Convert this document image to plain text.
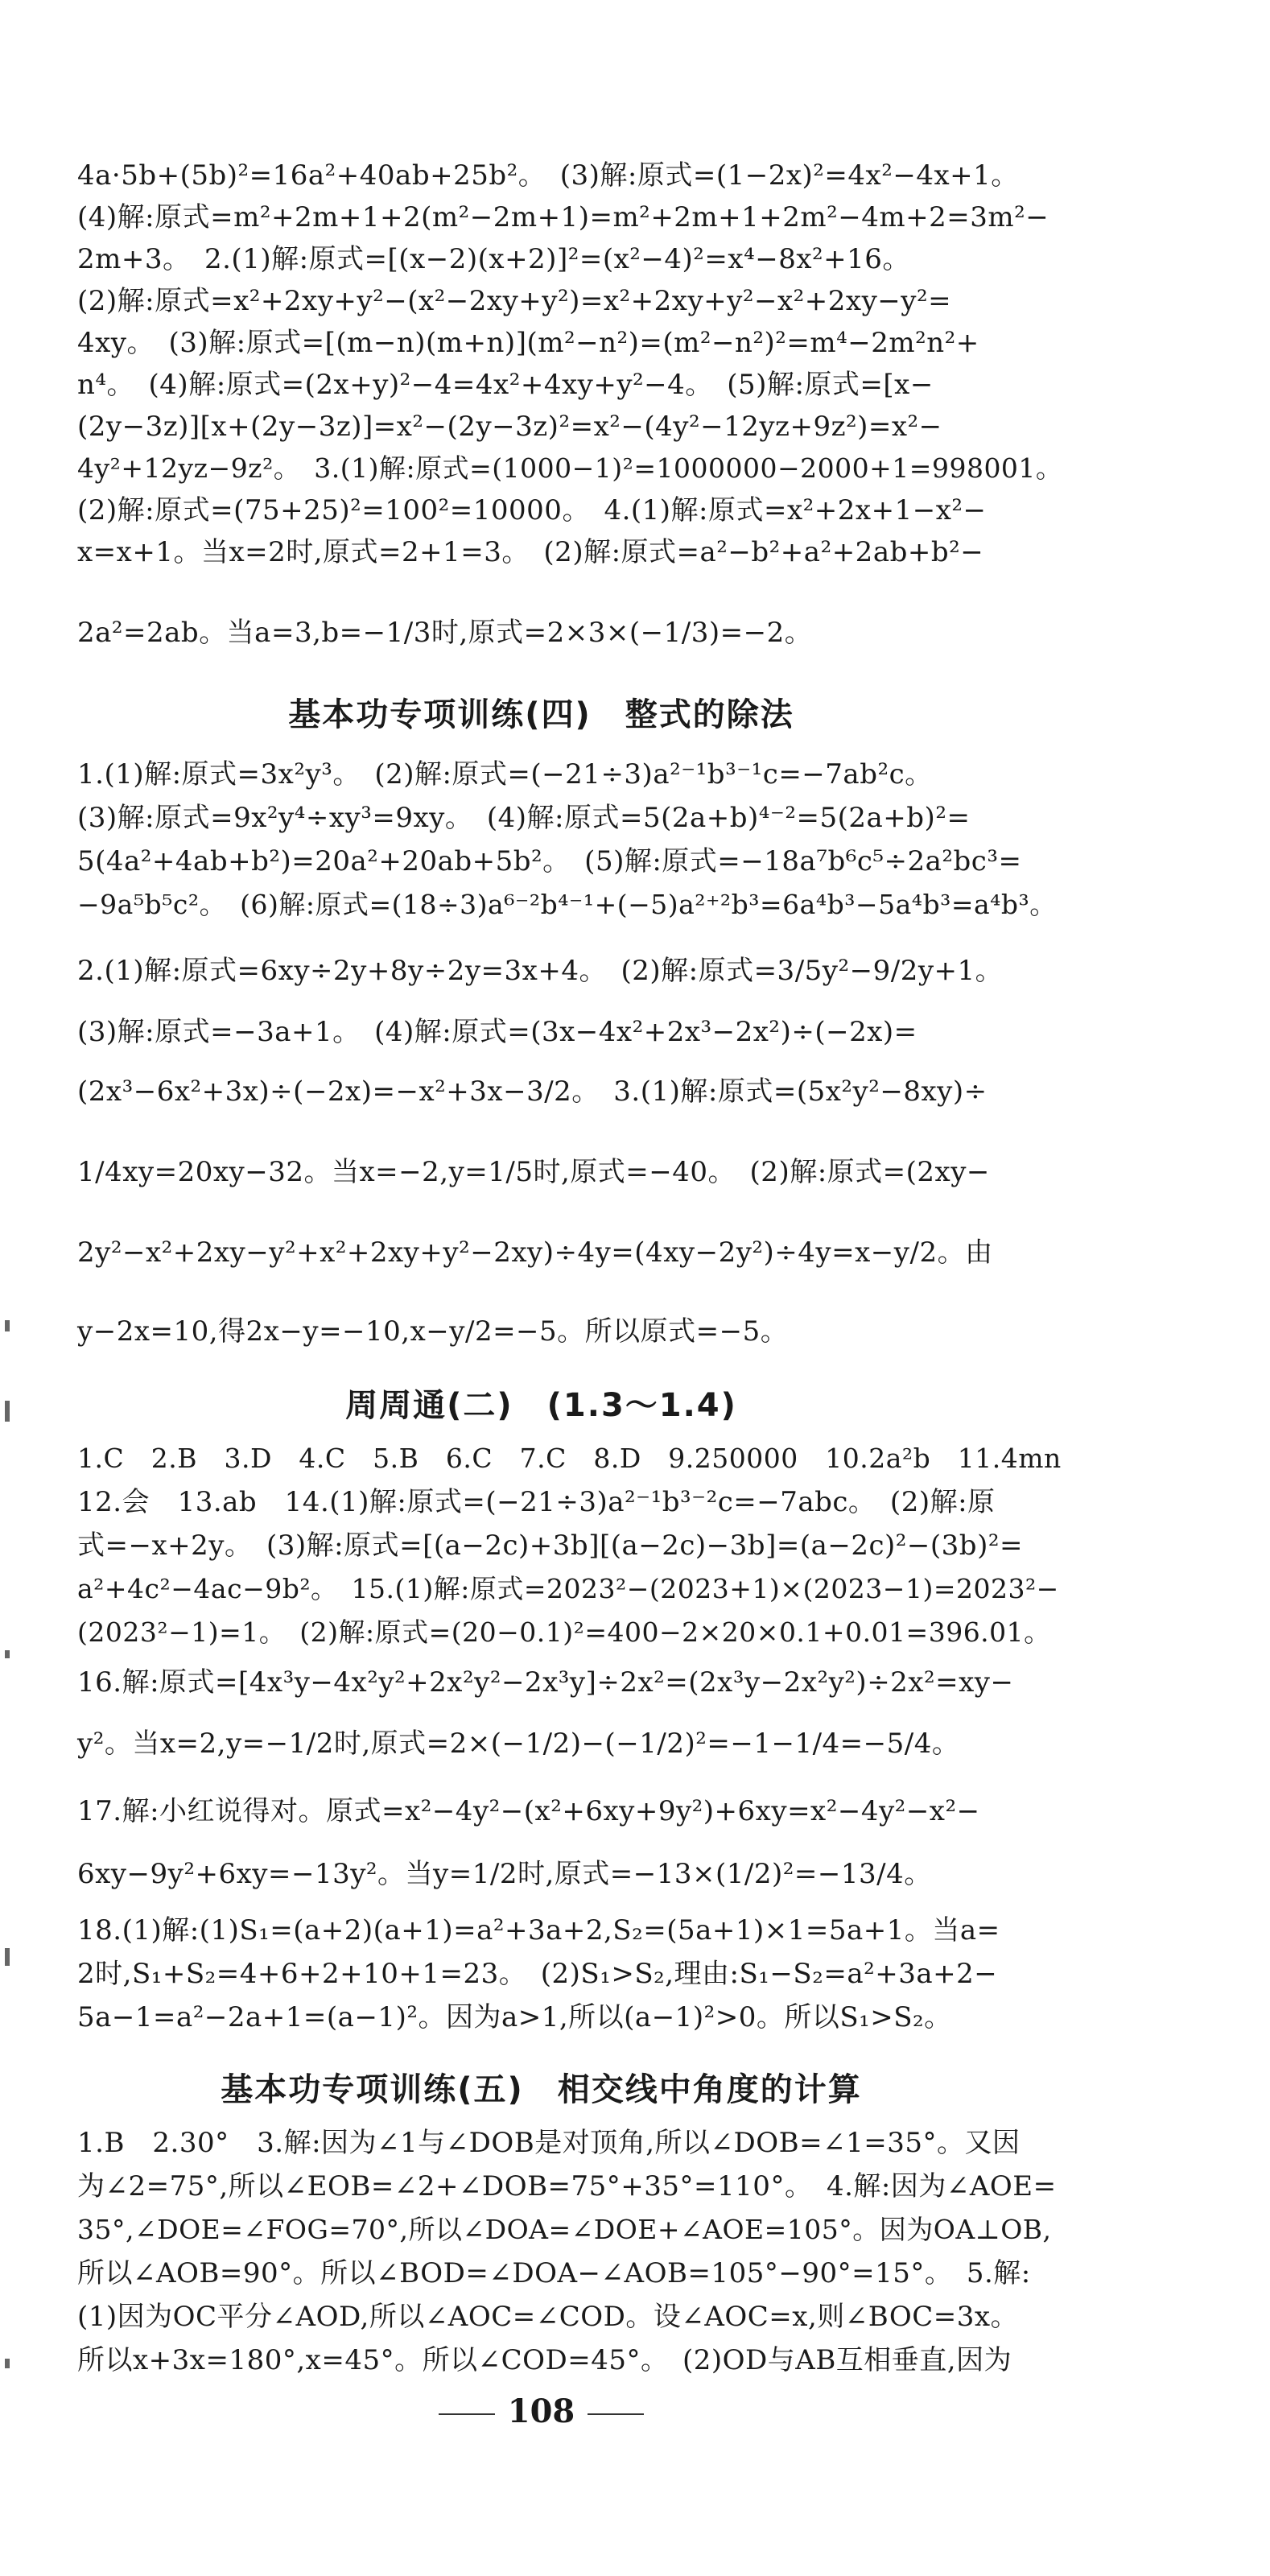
4a·5b+(5b)²=16a²+40ab+25b²。　(3)解:原式=(1−2x)²=4x²−4x+1。
(4)解:原式=m²+2m+1+2(m²−2m+1)=m²+2m+1+2m²−4m+2=3m²−
2m+3。　2.(1)解:原式=[(x−2)(x+2)]²=(x²−4)²=x⁴−8x²+16。
(2)解:原式=x²+2xy+y²−(x²−2xy+y²)=x²+2xy+y²−x²+2xy−y²=
4xy。　(3)解:原式=[(m−n)(m+n)](m²−n²)=(m²−n²)²=m⁴−2m²n²+
n⁴。　(4)解:原式=(2x+y)²−4=4x²+4xy+y²−4。　(5)解:原式=[x−
(2y−3z)][x+(2y−3z)]=x²−(2y−3z)²=x²−(4y²−12yz+9z²)=x²−
4y²+12yz−9z²。　3.(1)解:原式=(1000−1)²=1000000−2000+1=998001。
(2)解:原式=(75+25)²=100²=10000。　4.(1)解:原式=x²+2x+1−x²−
x=x+1。当x=2时,原式=2+1=3。　(2)解:原式=a²−b²+a²+2ab+b²−
2a²=2ab。当a=3,b=−1/3时,原式=2×3×(−1/3)=−2。
基本功专项训练(四)　整式的除法
1.(1)解:原式=3x²y³。　(2)解:原式=(−21÷3)a²⁻¹b³⁻¹c=−7ab²c。
(3)解:原式=9x²y⁴÷xy³=9xy。　(4)解:原式=5(2a+b)⁴⁻²=5(2a+b)²=
5(4a²+4ab+b²)=20a²+20ab+5b²。　(5)解:原式=−18a⁷b⁶c⁵÷2a²bc³=
−9a⁵b⁵c²。　(6)解:原式=(18÷3)a⁶⁻²b⁴⁻¹+(−5)a²⁺²b³=6a⁴b³−5a⁴b³=a⁴b³。
2.(1)解:原式=6xy÷2y+8y÷2y=3x+4。　(2)解:原式=3/5y²−9/2y+1。
(3)解:原式=−3a+1。　(4)解:原式=(3x−4x²+2x³−2x²)÷(−2x)=
(2x³−6x²+3x)÷(−2x)=−x²+3x−3/2。　3.(1)解:原式=(5x²y²−8xy)÷
1/4xy=20xy−32。当x=−2,y=1/5时,原式=−40。　(2)解:原式=(2xy−
2y²−x²+2xy−y²+x²+2xy+y²−2xy)÷4y=(4xy−2y²)÷4y=x−y/2。由
y−2x=10,得2x−y=−10,x−y/2=−5。所以原式=−5。
周周通(二)　(1.3～1.4)
1.C　2.B　3.D　4.C　5.B　6.C　7.C　8.D　9.250000　10.2a²b　11.4mn
12.会　13.ab　14.(1)解:原式=(−21÷3)a²⁻¹b³⁻²c=−7abc。　(2)解:原
式=−x+2y。　(3)解:原式=[(a−2c)+3b][(a−2c)−3b]=(a−2c)²−(3b)²=
a²+4c²−4ac−9b²。　15.(1)解:原式=2023²−(2023+1)×(2023−1)=2023²−
(2023²−1)=1。　(2)解:原式=(20−0.1)²=400−2×20×0.1+0.01=396.01。
16.解:原式=[4x³y−4x²y²+2x²y²−2x³y]÷2x²=(2x³y−2x²y²)÷2x²=xy−
y²。当x=2,y=−1/2时,原式=2×(−1/2)−(−1/2)²=−1−1/4=−5/4。
17.解:小红说得对。原式=x²−4y²−(x²+6xy+9y²)+6xy=x²−4y²−x²−
6xy−9y²+6xy=−13y²。当y=1/2时,原式=−13×(1/2)²=−13/4。
18.(1)解:(1)S₁=(a+2)(a+1)=a²+3a+2,S₂=(5a+1)×1=5a+1。当a=
2时,S₁+S₂=4+6+2+10+1=23。　(2)S₁>S₂,理由:S₁−S₂=a²+3a+2−
5a−1=a²−2a+1=(a−1)²。因为a>1,所以(a−1)²>0。所以S₁>S₂。
基本功专项训练(五)　相交线中角度的计算
1.B　2.30°　3.解:因为∠1与∠DOB是对顶角,所以∠DOB=∠1=35°。又因
为∠2=75°,所以∠EOB=∠2+∠DOB=75°+35°=110°。　4.解:因为∠AOE=
35°,∠DOE=∠FOG=70°,所以∠DOA=∠DOE+∠AOE=105°。因为OA⊥OB,
所以∠AOB=90°。所以∠BOD=∠DOA−∠AOB=105°−90°=15°。　5.解:
(1)因为OC平分∠AOD,所以∠AOC=∠COD。设∠AOC=x,则∠BOC=3x。
所以x+3x=180°,x=45°。所以∠COD=45°。　(2)OD与AB互相垂直,因为
108
